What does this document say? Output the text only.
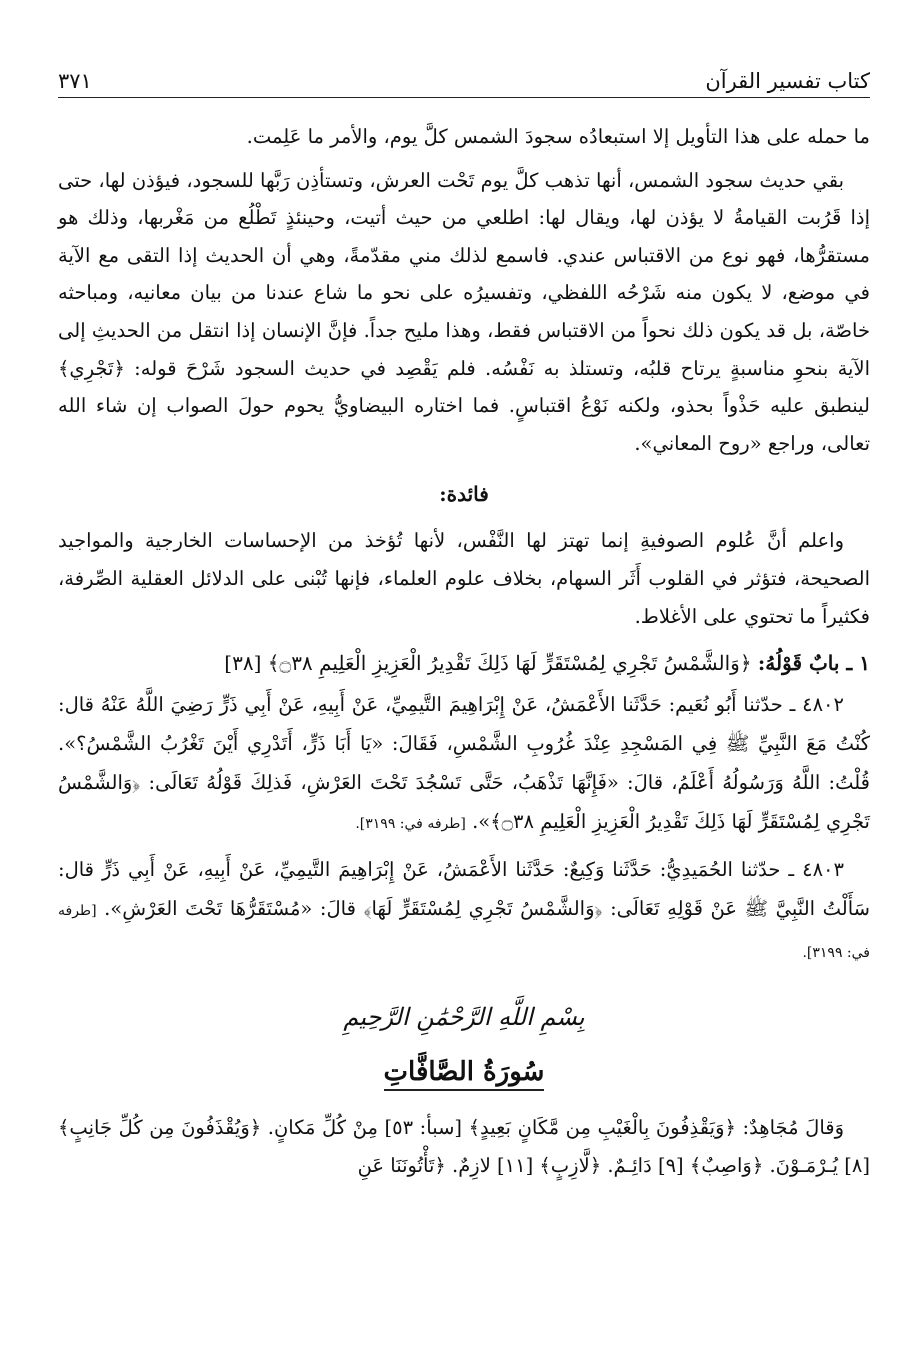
كتاب تفسير القرآن
٣٧١

ما حمله على هذا التأويل إلا استبعادُه سجودَ الشمس كلَّ يوم، والأمر ما عَلِمت.

بقي حديث سجود الشمس، أنها تذهب كلَّ يوم تَحْت العرش، وتستأذِن رَبَّها للسجود، فيؤذن لها، حتى إذا قَرُبت القيامةُ لا يؤذن لها، ويقال لها: اطلعي من حيث أتيت، وحينئذٍ تَطْلُع من مَغْربها، وذلك هو مستقرُّها، فهو نوع من الاقتباس عندي. فاسمع لذلك مني مقدّمةً، وهي أن الحديث إذا التقى مع الآية في موضع، لا يكون منه شَرْحُه اللفظي، وتفسيرُه على نحو ما شاع عندنا من بيان معانيه، ومباحثه خاصّة، بل قد يكون ذلك نحواً من الاقتباس فقط، وهذا مليح جداً. فإنَّ الإنسان إذا انتقل من الحديثِ إلى الآية بنحوِ مناسبةٍ يرتاح قلبُه، وتستلذ به نَفْسُه. فلم يَقْصِد في حديث السجود شَرْحَ قوله: ﴿تَجْرِي﴾ لينطبق عليه حَذْواً بحذو، ولكنه نَوْعُ اقتباسٍ. فما اختاره البيضاويُّ يحوم حولَ الصواب إن شاء الله تعالى، وراجع «روح المعاني».

فائدة:

واعلم أنَّ عُلوم الصوفيةِ إنما تهتز لها النَّفْس، لأنها تُؤخذ من الإحساسات الخارجية والمواجيد الصحيحة، فتؤثر في القلوب أَثَر السهام، بخلاف علوم العلماء، فإنها تُبْنى على الدلائل العقلية الصِّرفة، فكثيراً ما تحتوي على الأغلاط.

١ ـ بابٌ قَوْلُهُ: ﴿وَالشَّمْسُ تَجْرِي لِمُسْتَقَرٍّ لَهَا ذَلِكَ تَقْدِيرُ الْعَزِيزِ الْعَلِيمِ ۝٣٨﴾ [٣٨]

٤٨٠٢ ـ حدّثنا أَبُو نُعَيم: حَدَّثَنا الأَعْمَشُ، عَنْ إِبْرَاهِيمَ التَّيمِيِّ، عَنْ أَبِيهِ، عَنْ أَبِي ذَرٍّ رَضِيَ اللَّهُ عَنْهُ قال: كُنْتُ مَعَ النَّبِيِّ ﷺ فِي المَسْجِدِ عِنْدَ غُرُوبِ الشَّمْسِ، فَقَالَ: «يَا أَبَا ذَرٍّ، أَتَدْرِي أَيْنَ تَغْرُبُ الشَّمْسُ؟». قُلْتُ: اللَّهُ وَرَسُولُهُ أَعْلَمُ، قالَ: «فَإِنَّهَا تَذْهَبُ، حَتَّى تَسْجُدَ تَحْتَ العَرْشِ، فَذلِكَ قَوْلُهُ تَعَالَى: ﴿وَالشَّمْسُ تَجْرِي لِمُسْتَقَرٍّ لَهَا ذَلِكَ تَقْدِيرُ الْعَزِيزِ الْعَلِيمِ ۝٣٨﴾». [طرفه في: ٣١٩٩].

٤٨٠٣ ـ حدّثنا الحُمَيدِيُّ: حَدَّثَنا وَكِيعٌ: حَدَّثَنا الأَعْمَشُ، عَنْ إِبْرَاهِيمَ التَّيمِيِّ، عَنْ أَبِيهِ، عَنْ أَبِي ذَرٍّ قال: سَأَلْتُ النَّبِيَّ ﷺ عَنْ قَوْلِهِ تَعَالَى: ﴿وَالشَّمْسُ تَجْرِي لِمُسْتَقَرٍّ لَهَا﴾ قالَ: «مُسْتَقَرُّهَا تَحْتَ العَرْشِ». [طرفه في: ٣١٩٩].

بِسْمِ اللَّهِ الرَّحْمَٰنِ الرَّحِيمِ
سُورَةُ الصَّافَّاتِ

وَقالَ مُجَاهِدٌ: ﴿وَيَقْذِفُونَ بِالْغَيْبِ مِن مَّكَانٍ بَعِيدٍ﴾ [سبأ: ٥٣] مِنْ كُلِّ مَكانٍ. ﴿وَيُقْذَفُونَ مِن كُلِّ جَانِبٍ﴾ [٨] يُـرْمَـوْنَ. ﴿وَاصِبٌ﴾ [٩] دَائِـمٌ. ﴿لَّازِبٍ﴾ [١١] لازِمٌ. ﴿تَأْتُونَنَا عَنِ
